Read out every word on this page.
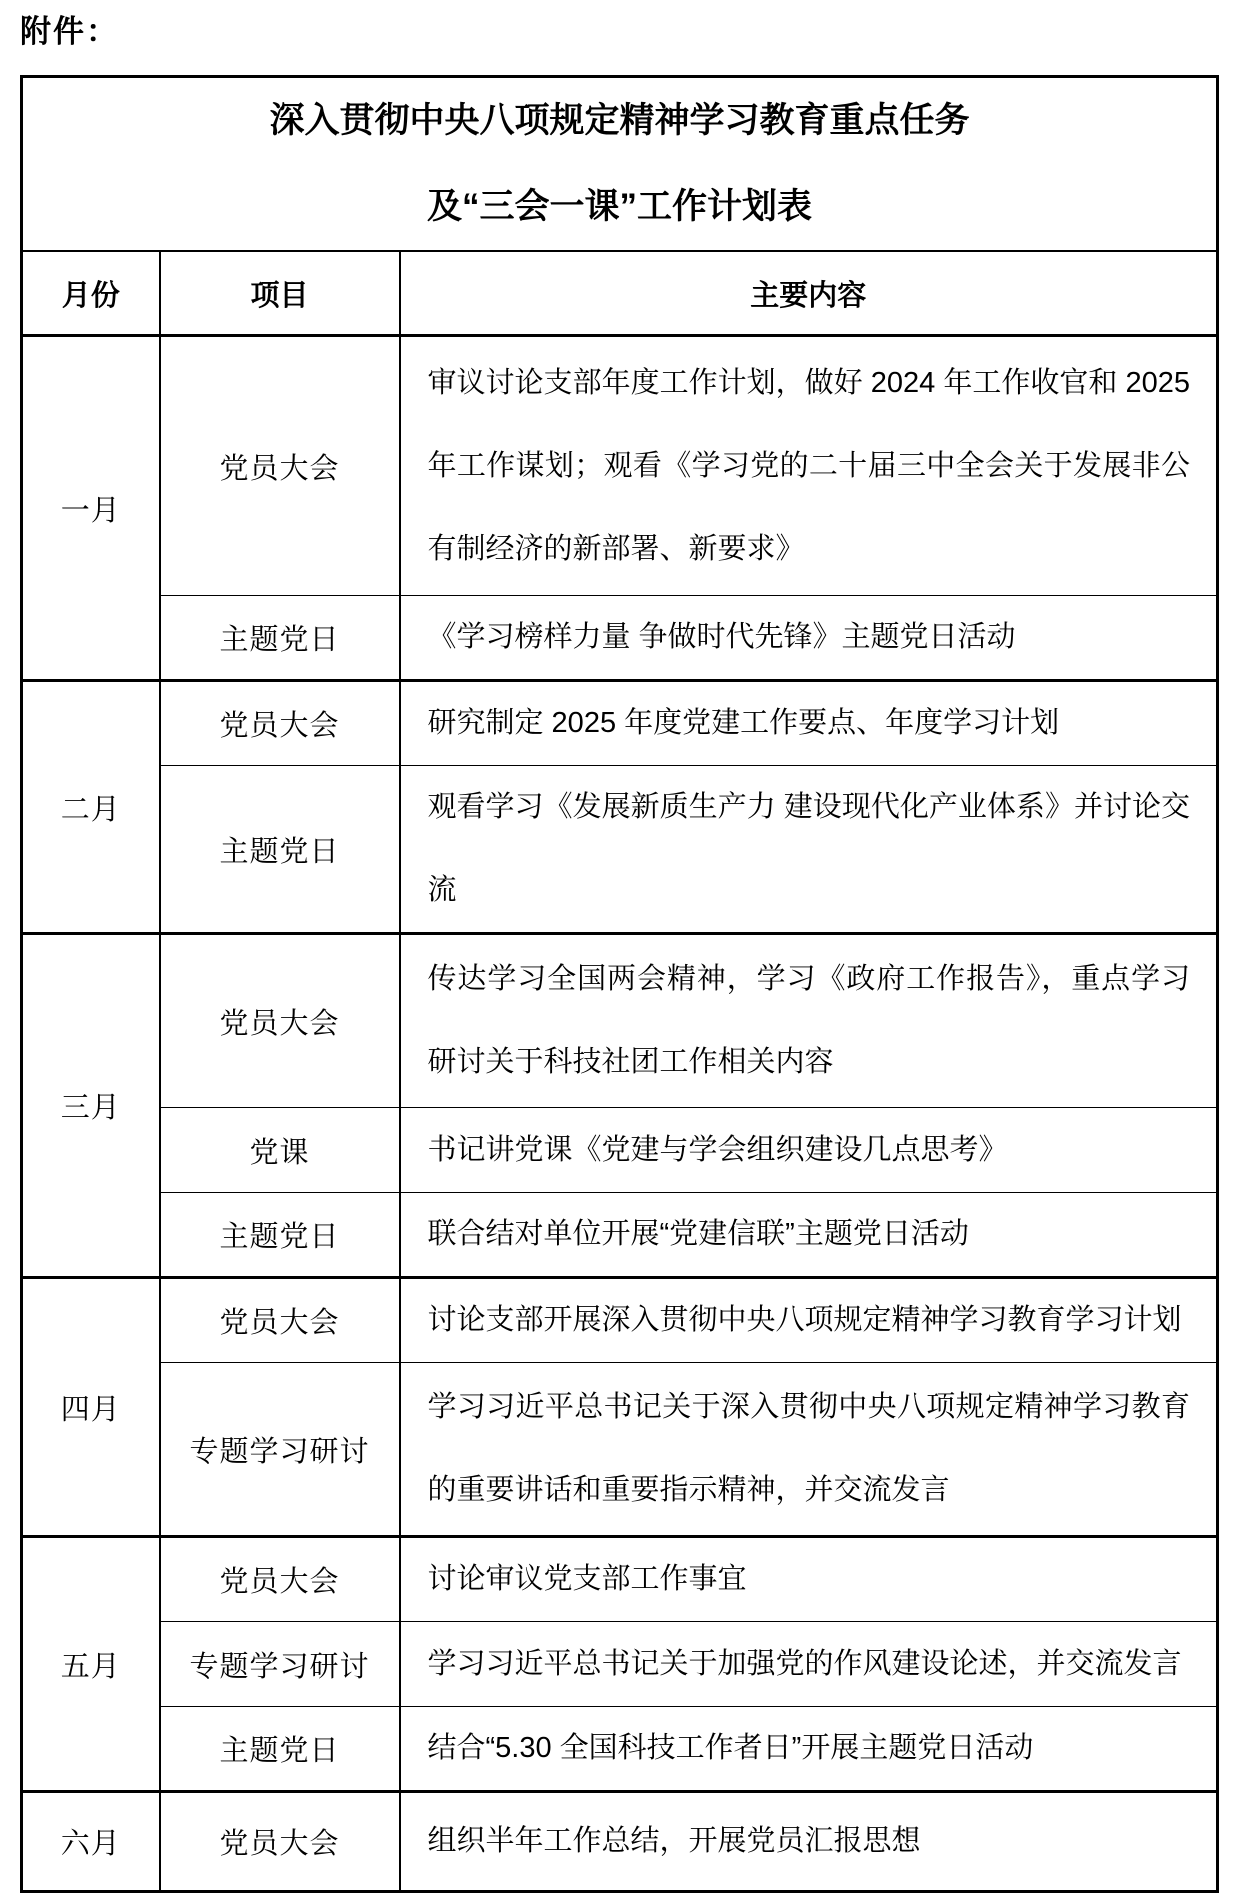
附件：
深入贯彻中央八项规定精神学习教育重点任务
及“三会一课”工作计划表		

月份	项目	主要内容
一月	党员大会	审议讨论支部年度工作计划，做好 2024 年工作收官和 2025 年工作谋划；观看《学习党的二十届三中全会关于发展非公有制经济的新部署、新要求》
	主题党日	《学习榜样力量 争做时代先锋》主题党日活动
二月	党员大会	研究制定 2025 年度党建工作要点、年度学习计划
	主题党日	观看学习《发展新质生产力 建设现代化产业体系》并讨论交流
三月	党员大会	传达学习全国两会精神，学习《政府工作报告》，重点学习研讨关于科技社团工作相关内容
	党课	书记讲党课《党建与学会组织建设几点思考》
	主题党日	联合结对单位开展“党建信联”主题党日活动
四月	党员大会	讨论支部开展深入贯彻中央八项规定精神学习教育学习计划
	专题学习研讨	学习习近平总书记关于深入贯彻中央八项规定精神学习教育的重要讲话和重要指示精神，并交流发言
五月	党员大会	讨论审议党支部工作事宜
	专题学习研讨	学习习近平总书记关于加强党的作风建设论述，并交流发言
	主题党日	结合“5.30 全国科技工作者日”开展主题党日活动
六月	党员大会	组织半年工作总结，开展党员汇报思想
